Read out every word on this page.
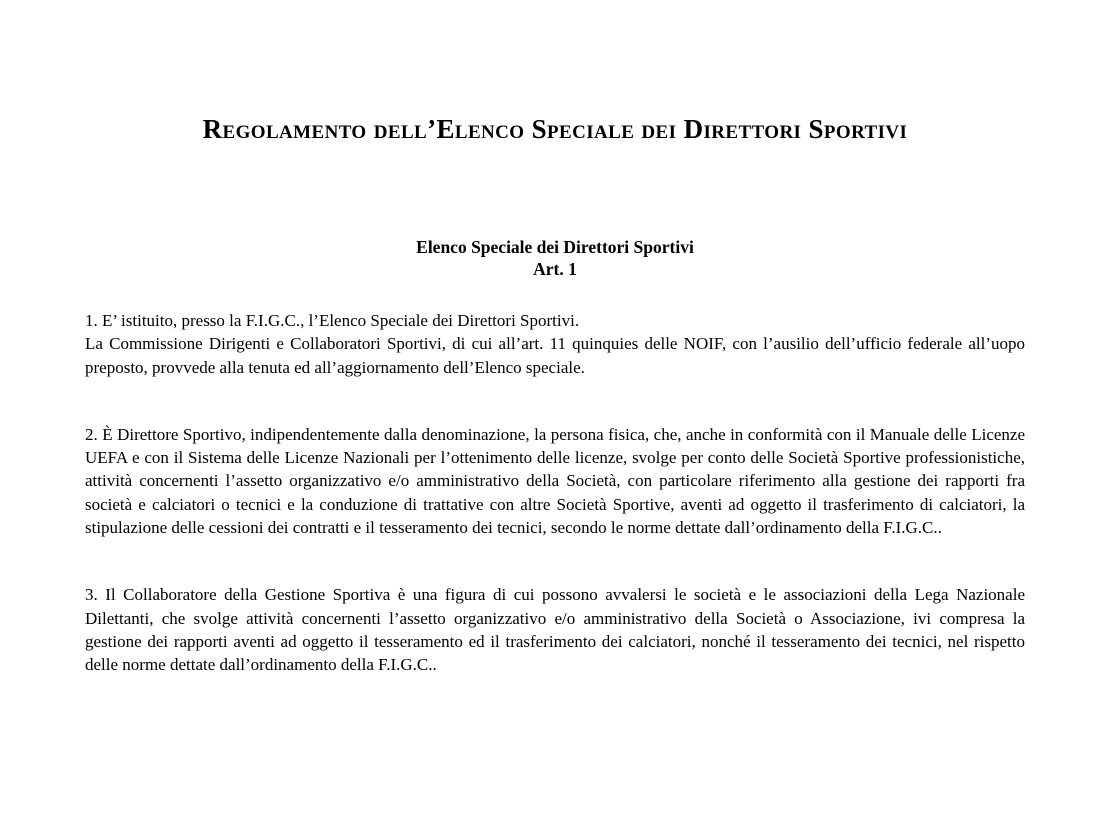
Regolamento dell’Elenco Speciale dei Direttori Sportivi
Elenco Speciale dei Direttori Sportivi
Art. 1
1. E’ istituito, presso la F.I.G.C., l’Elenco Speciale dei Direttori Sportivi.
La Commissione Dirigenti e Collaboratori Sportivi, di cui all’art. 11 quinquies delle NOIF, con l’ausilio dell’ufficio federale all’uopo preposto, provvede alla tenuta ed all’aggiornamento dell’Elenco speciale.
2. È Direttore Sportivo, indipendentemente dalla denominazione, la persona fisica, che, anche in conformità con il Manuale delle Licenze UEFA e con il Sistema delle Licenze Nazionali per l’ottenimento delle licenze, svolge per conto delle Società Sportive professionistiche, attività concernenti l’assetto organizzativo e/o amministrativo della Società, con particolare riferimento alla gestione dei rapporti fra società e calciatori o tecnici e la conduzione di trattative con altre Società Sportive, aventi ad oggetto il trasferimento di calciatori, la stipulazione delle cessioni dei contratti e il tesseramento dei tecnici, secondo le norme dettate dall’ordinamento della F.I.G.C..
3. Il Collaboratore della Gestione Sportiva è una figura di cui possono avvalersi le società e le associazioni della Lega Nazionale Dilettanti, che svolge attività concernenti l’assetto organizzativo e/o amministrativo della Società o Associazione, ivi compresa la gestione dei rapporti aventi ad oggetto il tesseramento ed il trasferimento dei calciatori, nonché il tesseramento dei tecnici, nel rispetto delle norme dettate dall’ordinamento della F.I.G.C..
